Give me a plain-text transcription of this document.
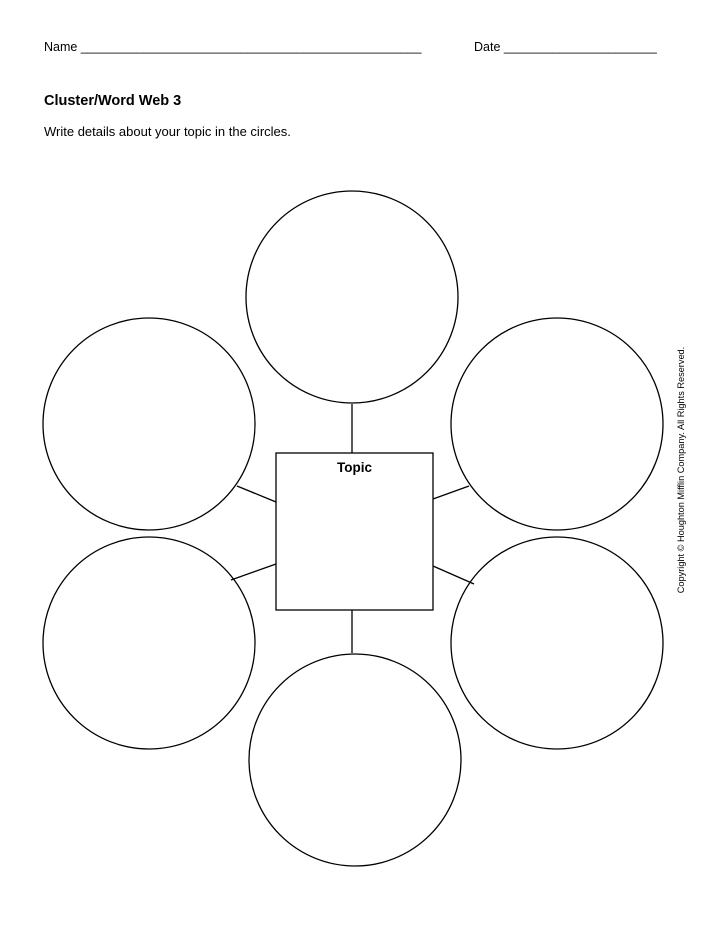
Name _________________________________________________	Date ______________________
Cluster/Word Web 3
Write details about your topic in the circles.
Topic	Copyright © Houghton Mifflin Company. All Rights Reserved.
